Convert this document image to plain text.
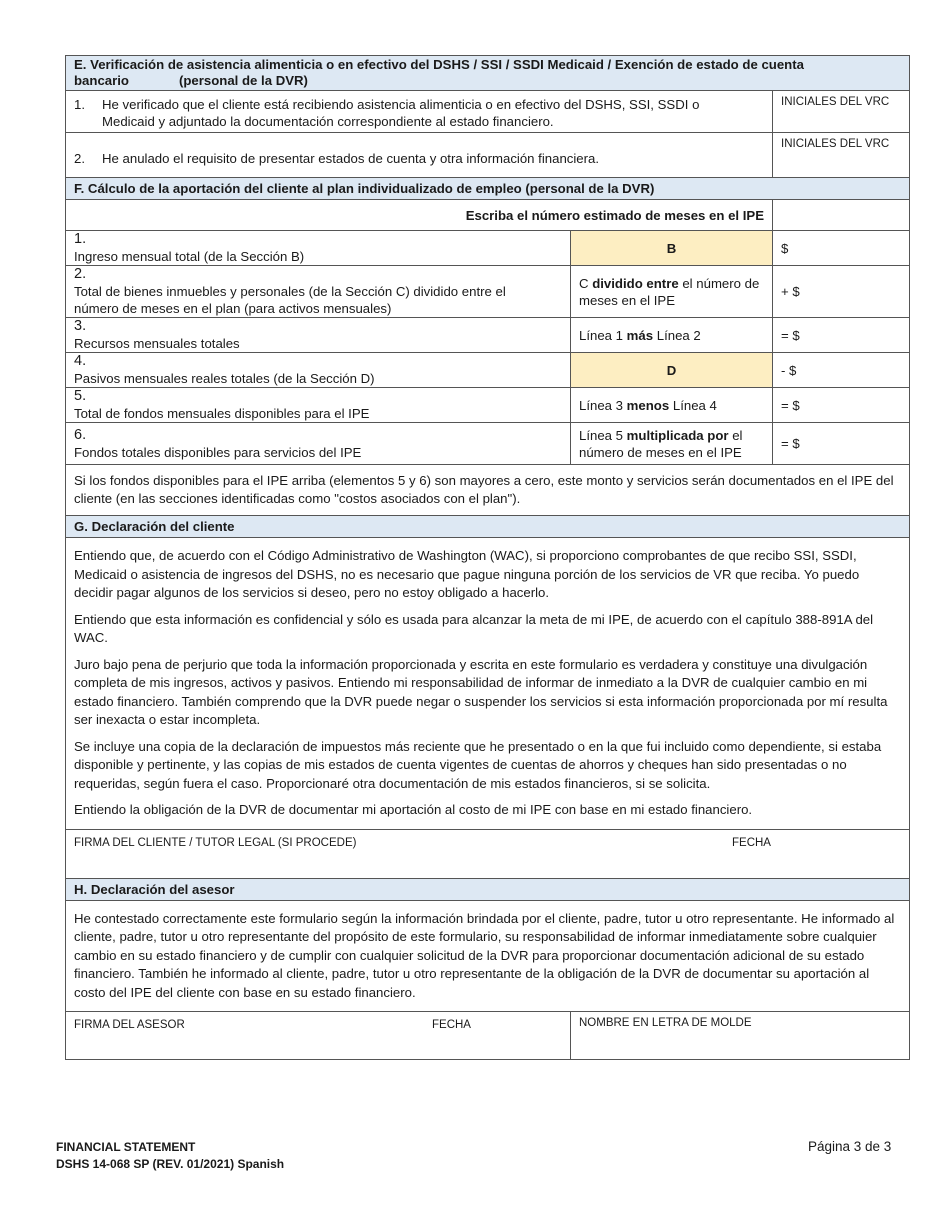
E. Verificación de asistencia alimenticia o en efectivo del DSHS / SSI / SSDI Medicaid / Exención de estado de cuenta
bancario (personal de la DVR)		
1. He verificado que el cliente está recibiendo asistencia alimenticia o en efectivo del DSHS, SSI, SSDI o Medicaid y adjuntado la documentación correspondiente al estado financiero.		INICIALES DEL VRC
2. He anulado el requisito de presentar estados de cuenta y otra información financiera.		INICIALES DEL VRC
F. Cálculo de la aportación del cliente al plan individualizado de empleo (personal de la DVR)		
Escriba el número estimado de meses en el IPE		
1.Ingreso mensual total (de la Sección B)	B	$
2.Total de bienes inmuebles y personales (de la Sección C) dividido entre el número de meses en el plan (para activos mensuales)	C dividido entre el número de meses en el IPE	+ $
3.Recursos mensuales totales	Línea 1 más Línea 2	= $
4.Pasivos mensuales reales totales (de la Sección D)	D	- $
5.Total de fondos mensuales disponibles para el IPE	Línea 3 menos Línea 4	= $
6.Fondos totales disponibles para servicios del IPE	Línea 5 multiplicada por el número de meses en el IPE	= $
Si los fondos disponibles para el IPE arriba (elementos 5 y 6) son mayores a cero, este monto y servicios serán documentados en el IPE del cliente (en las secciones identificadas como "costos asociados con el plan").		
G. Declaración del cliente		

Entiendo que, de acuerdo con el Código Administrativo de Washington (WAC), si proporciono comprobantes de que recibo SSI, SSDI, Medicaid o asistencia de ingresos del DSHS, no es necesario que pague ninguna porción de los servicios de VR que reciba. Yo puedo decidir pagar algunos de los servicios si deseo, pero no estoy obligado a hacerlo.

Entiendo que esta información es confidencial y sólo es usada para alcanzar la meta de mi IPE, de acuerdo con el capítulo 388-891A del WAC.

Juro bajo pena de perjurio que toda la información proporcionada y escrita en este formulario es verdadera y constituye una divulgación completa de mis ingresos, activos y pasivos. Entiendo mi responsabilidad de informar de inmediato a la DVR de cualquier cambio en mi estado financiero. También comprendo que la DVR puede negar o suspender los servicios si esta información proporcionada por mí resulta ser inexacta o estar incompleta.

Se incluye una copia de la declaración de impuestos más reciente que he presentado o en la que fui incluido como dependiente, si estaba disponible y pertinente, y las copias de mis estados de cuenta vigentes de cuentas de ahorros y cheques han sido presentadas o no requeridas, según fuera el caso. Proporcionaré otra documentación de mis estados financieros, si se solicita.

Entiendo la obligación de la DVR de documentar mi aportación al costo de mi IPE con base en mi estado financiero.		

FIRMA DEL CLIENTE / TUTOR LEGAL (SI PROCEDE) FECHA		

H. Declaración del asesor		

He contestado correctamente este formulario según la información brindada por el cliente, padre, tutor u otro representante. He informado al cliente, padre, tutor u otro representante del propósito de este formulario, su responsabilidad de informar inmediatamente sobre cualquier cambio en su estado financiero y de cumplir con cualquier solicitud de la DVR para proporcionar documentación adicional de su estado financiero. También he informado al cliente, padre, tutor u otro representante de la obligación de la DVR de documentar su aportación al costo del IPE del cliente con base en su estado financiero.		

FIRMA DEL ASESOR FECHA	NOMBRE EN LETRA DE MOLDE	
FINANCIAL STATEMENT
DSHS 14-068 SP (REV. 01/2021) Spanish
Página 3 de 3
